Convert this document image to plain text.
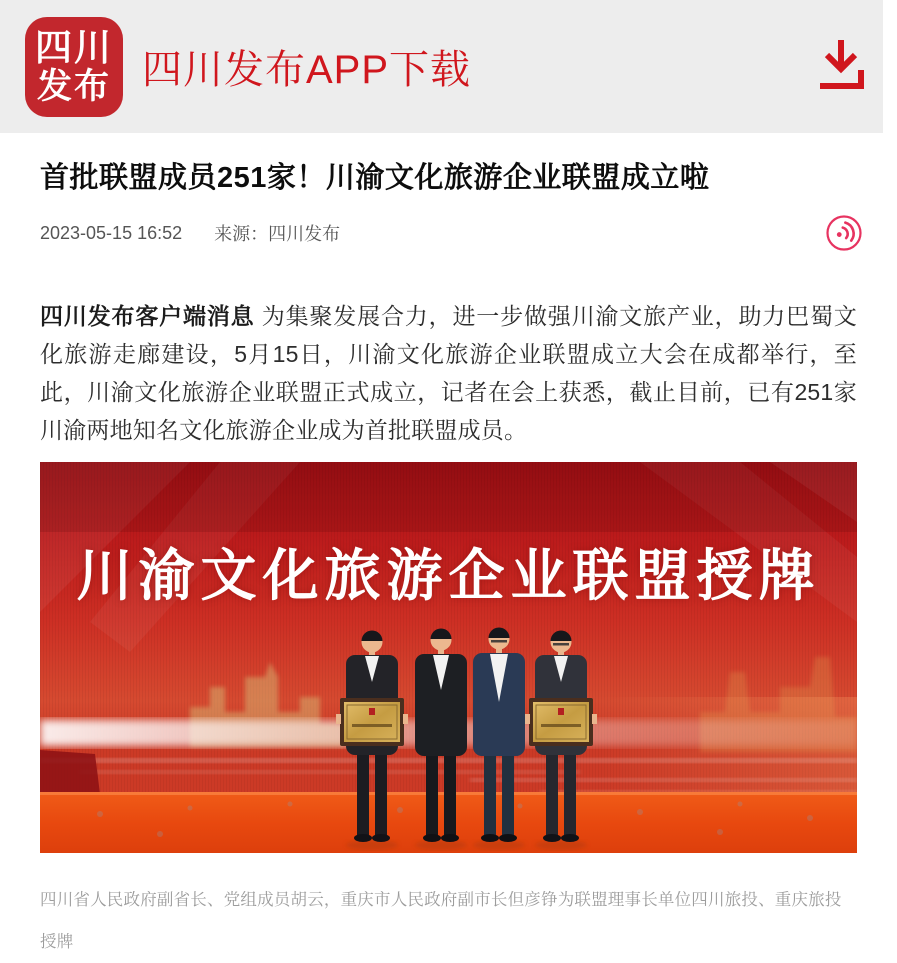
四川
发布 四川发布APP下载
首批联盟成员251家！川渝文化旅游企业联盟成立啦
2023-05-15 16:52 来源：四川发布

四川发布客户端消息 为集聚发展合力，进一步做强川渝文旅产业，助力巴蜀文化旅游走廊建设，5月15日，川渝文化旅游企业联盟成立大会在成都举行，至此，川渝文化旅游企业联盟正式成立，记者在会上获悉，截止目前，已有251家川渝两地知名文化旅游企业成为首批联盟成员。

川渝文化旅游企业联盟授牌

四川省人民政府副省长、党组成员胡云，重庆市人民政府副市长但彦铮为联盟理事长单位四川旅投、重庆旅投授牌
